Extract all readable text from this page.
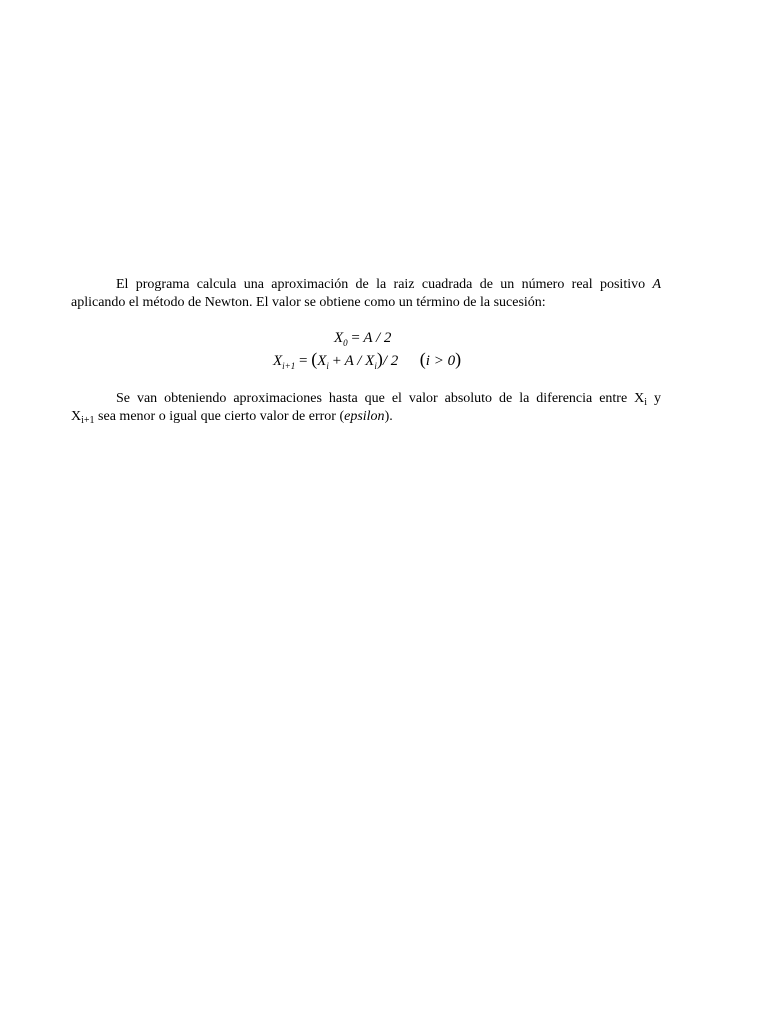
El programa calcula una aproximación de la raiz cuadrada de un número real positivo A
aplicando el método de Newton. El valor se obtiene como un término de la sucesión:
$X_0 = A / 2$
$X_{i+1} = (X_i + A / X_i)/$ 2 (i > 0)
Se van obteniendo aproximaciones hasta que el valor absoluto de la diferencia entre $X_i$ y
$X_{i+1}$ sea menor o igual que cierto valor de error (epsilon).
